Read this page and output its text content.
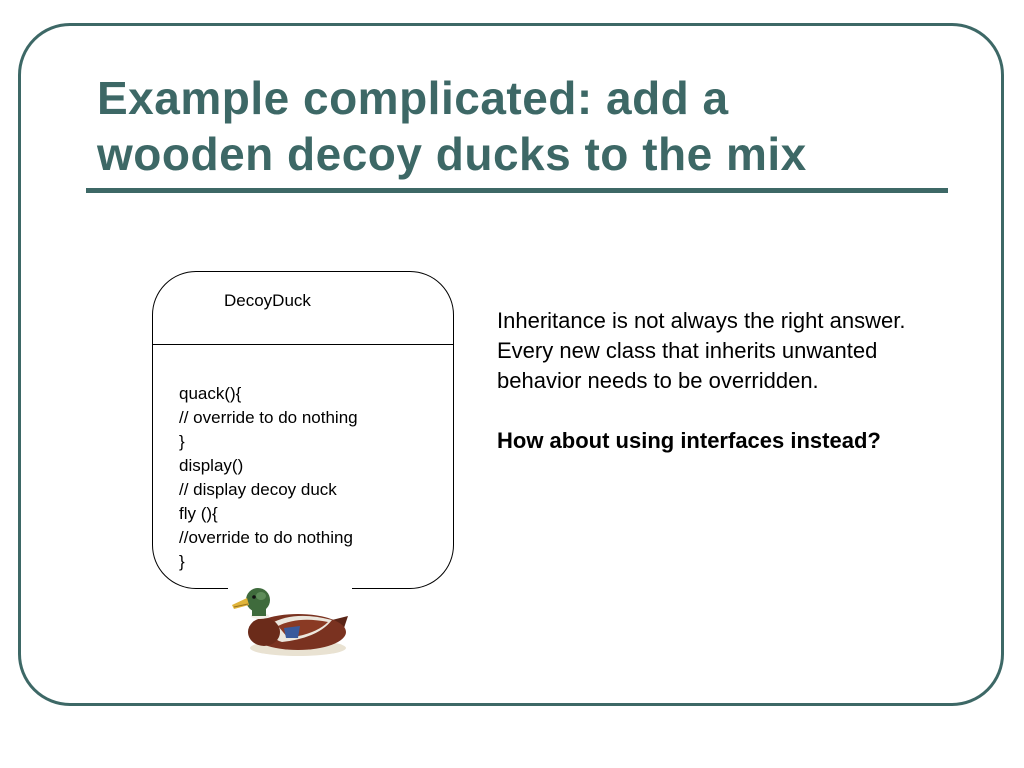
Example complicated: add a
wooden decoy ducks to the mix
DecoyDuck
quack(){
// override to do nothing
}
display()
// display decoy duck
fly (){
//override to do nothing
}

Inheritance is not always the right answer. Every new class that inherits unwanted behavior needs to be overridden.

How about using interfaces instead?
